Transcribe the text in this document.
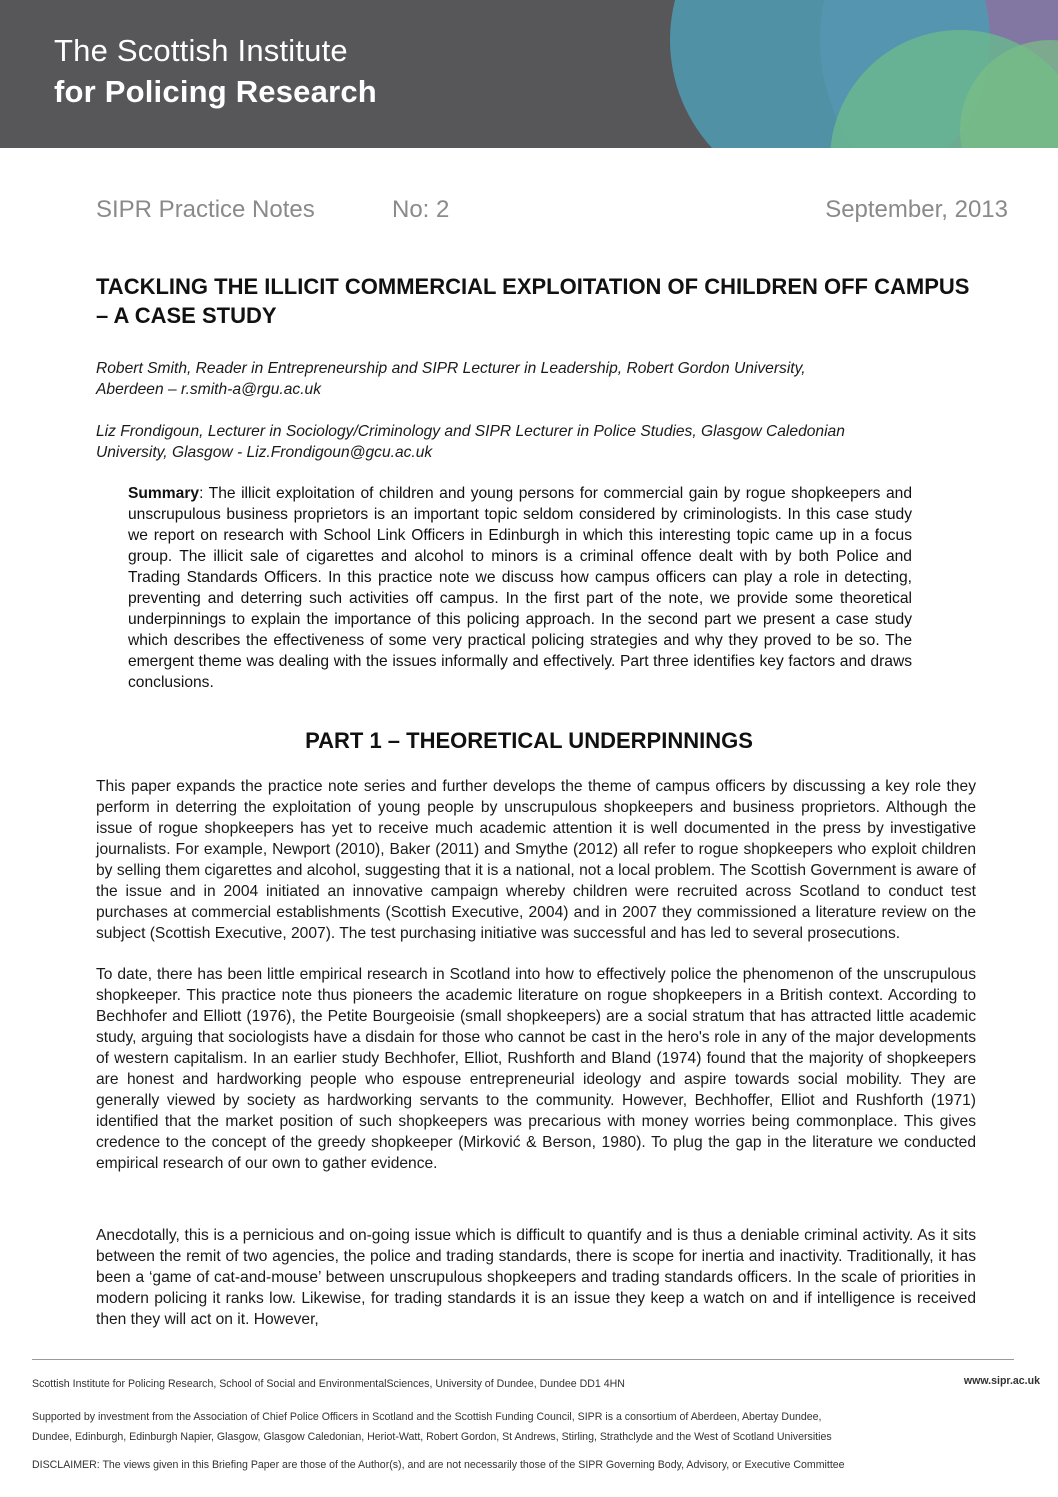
The Scottish Institute
for Policing Research
SIPR Practice Notes	No: 2	September, 2013
TACKLING THE ILLICIT COMMERCIAL EXPLOITATION OF CHILDREN OFF CAMPUS – A CASE STUDY

Robert Smith, Reader in Entrepreneurship and SIPR Lecturer in Leadership, Robert Gordon University,
Aberdeen – r.smith-a@rgu.ac.uk

Liz Frondigoun, Lecturer in Sociology/Criminology and SIPR Lecturer in Police Studies, Glasgow Caledonian
University, Glasgow - Liz.Frondigoun@gcu.ac.uk

Summary: The illicit exploitation of children and young persons for commercial gain by rogue shopkeepers and unscrupulous business proprietors is an important topic seldom considered by criminologists. In this case study we report on research with School Link Officers in Edinburgh in which this interesting topic came up in a focus group. The illicit sale of cigarettes and alcohol to minors is a criminal offence dealt with by both Police and Trading Standards Officers. In this practice note we discuss how campus officers can play a role in detecting, preventing and deterring such activities off campus. In the first part of the note, we provide some theoretical underpinnings to explain the importance of this policing approach. In the second part we present a case study which describes the effectiveness of some very practical policing strategies and why they proved to be so. The emergent theme was dealing with the issues informally and effectively. Part three identifies key factors and draws conclusions.

PART 1 – THEORETICAL UNDERPINNINGS

This paper expands the practice note series and further develops the theme of campus officers by discussing a key role they perform in deterring the exploitation of young people by unscrupulous shopkeepers and business proprietors. Although the issue of rogue shopkeepers has yet to receive much academic attention it is well documented in the press by investigative journalists. For example, Newport (2010), Baker (2011) and Smythe (2012) all refer to rogue shopkeepers who exploit children by selling them cigarettes and alcohol, suggesting that it is a national, not a local problem. The Scottish Government is aware of the issue and in 2004 initiated an innovative campaign whereby children were recruited across Scotland to conduct test purchases at commercial establishments (Scottish Executive, 2004) and in 2007 they commissioned a literature review on the subject (Scottish Executive, 2007). The test purchasing initiative was successful and has led to several prosecutions.

To date, there has been little empirical research in Scotland into how to effectively police the phenomenon of the unscrupulous shopkeeper. This practice note thus pioneers the academic literature on rogue shopkeepers in a British context. According to Bechhofer and Elliott (1976), the Petite Bourgeoisie (small shopkeepers) are a social stratum that has attracted little academic study, arguing that sociologists have a disdain for those who cannot be cast in the hero's role in any of the major developments of western capitalism. In an earlier study Bechhofer, Elliot, Rushforth and Bland (1974) found that the majority of shopkeepers are honest and hardworking people who espouse entrepreneurial ideology and aspire towards social mobility. They are generally viewed by society as hardworking servants to the community. However, Bechhoffer, Elliot and Rushforth (1971) identified that the market position of such shopkeepers was precarious with money worries being commonplace. This gives credence to the concept of the greedy shopkeeper (Mirković & Berson, 1980). To plug the gap in the literature we conducted empirical research of our own to gather evidence.

Anecdotally, this is a pernicious and on-going issue which is difficult to quantify and is thus a deniable criminal activity. As it sits between the remit of two agencies, the police and trading standards, there is scope for inertia and inactivity. Traditionally, it has been a ‘game of cat-and-mouse’ between unscrupulous shopkeepers and trading standards officers. In the scale of priorities in modern policing it ranks low. Likewise, for trading standards it is an issue they keep a watch on and if intelligence is received then they will act on it. However,

Scottish Institute for Policing Research, School of Social and EnvironmentalSciences, University of Dundee, Dundee DD1 4HN	www.sipr.ac.uk
Supported by investment from the Association of Chief Police Officers in Scotland and the Scottish Funding Council, SIPR is a consortium of Aberdeen, Abertay Dundee,
Dundee, Edinburgh, Edinburgh Napier, Glasgow, Glasgow Caledonian, Heriot-Watt, Robert Gordon, St Andrews, Stirling, Strathclyde and the West of Scotland Universities
DISCLAIMER: The views given in this Briefing Paper are those of the Author(s), and are not necessarily those of the SIPR Governing Body, Advisory, or Executive Committee
